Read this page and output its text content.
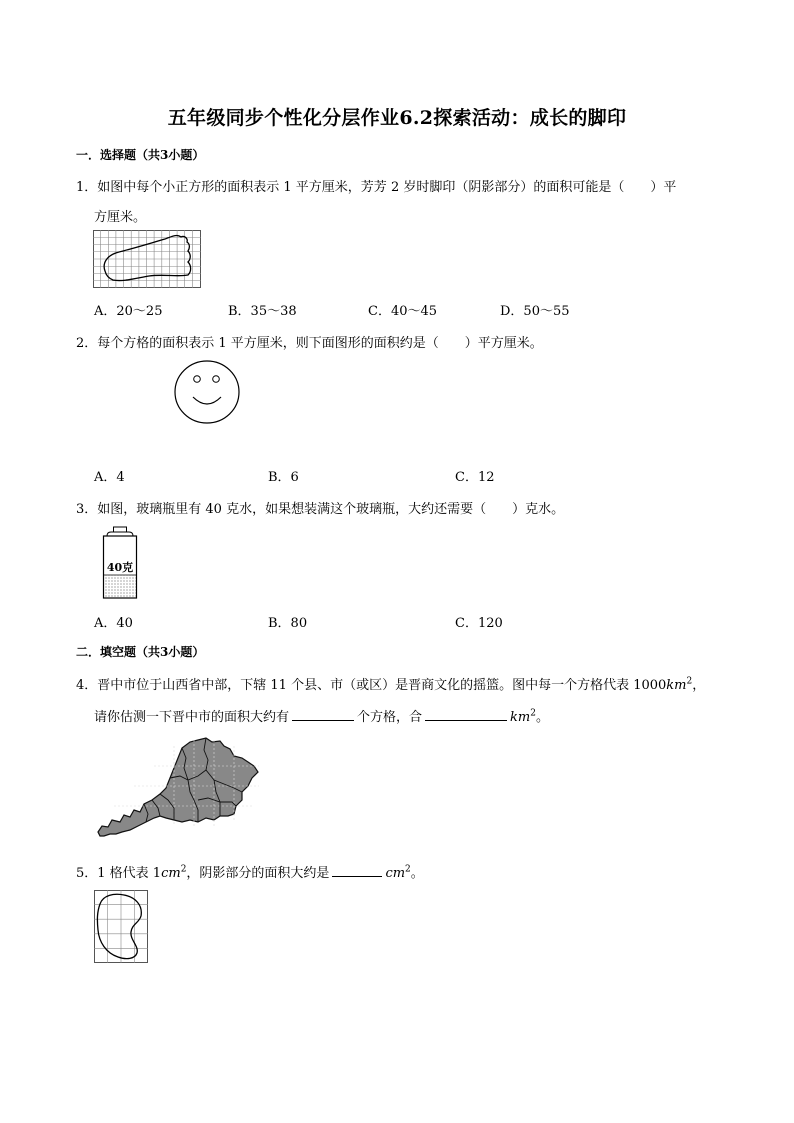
五年级同步个性化分层作业6.2探索活动：成长的脚印
一．选择题（共3小题）
1．如图中每个小正方形的面积表示 1 平方厘米，芳芳 2 岁时脚印（阴影部分）的面积可能是（　　）平
方厘米。
A．20～25	B．35～38	C．40～45	D．50～55
2．每个方格的面积表示 1 平方厘米，则下面图形的面积约是（　　）平方厘米。
A．4	B．6	C．12
3．如图，玻璃瓶里有 40 克水，如果想装满这个玻璃瓶，大约还需要（　　）克水。
40克
A．40	B．80	C．120
二．填空题（共3小题）
4．晋中市位于山西省中部，下辖 11 个县、市（或区）是晋商文化的摇篮。图中每一个方格代表 $1000km^2$，
请你估测一下晋中市的面积大约有	个方格，合	$km^2$。
5．1 格代表 $1cm^2$，阴影部分的面积大约是	$cm^2$。
